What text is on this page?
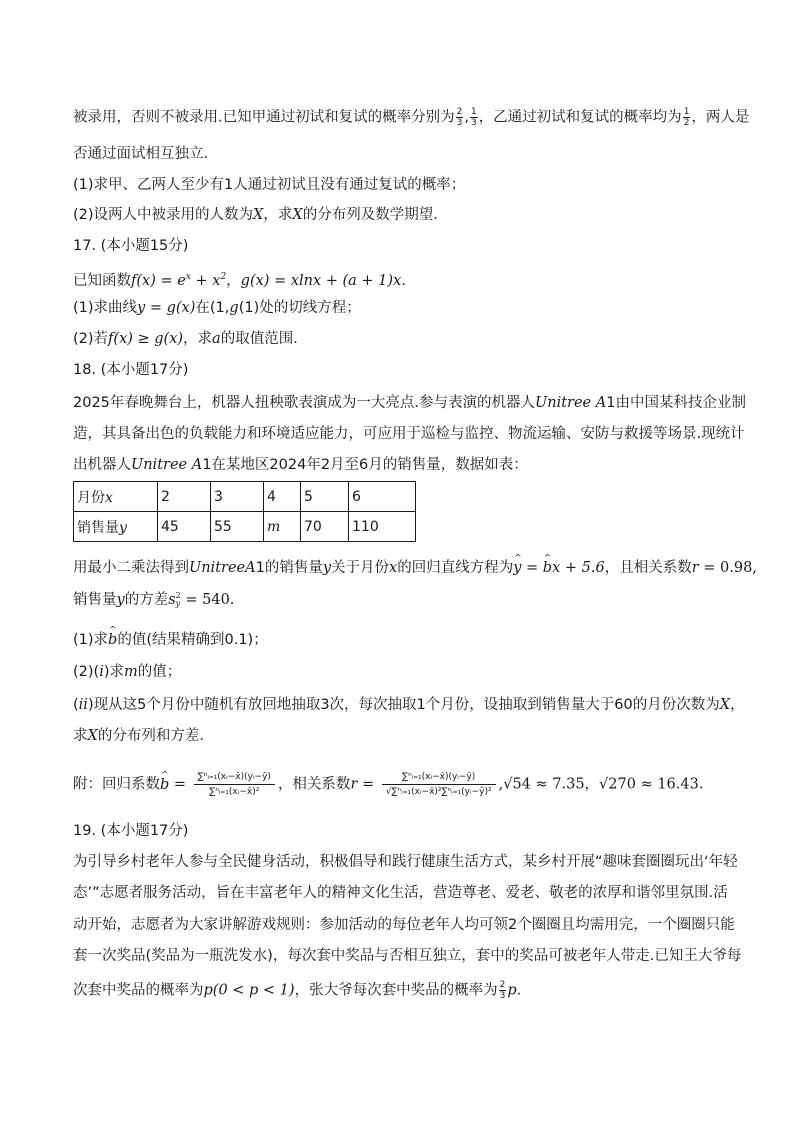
被录用，否则不被录用.已知甲通过初试和复试的概率分别为 $\frac{2}{3}$ , $\frac{1}{3}$ ，乙通过初试和复试的概率均为 $\frac{1}{2}$ ，两人是
否通过面试相互独立．
(1)求甲、乙两人至少有1人通过初试且没有通过复试的概率；
(2)设两人中被录用的人数为X，求X的分布列及数学期望．
17. (本小题15分)
已知函数$f(x) = e^x + x^2$，g(x) = xlnx + (a + 1)x.
(1)求曲线y = g(x)在(1,g(1)处的切线方程；
(2)若f(x) ≥ g(x)，求a的取值范围．
18. (本小题17分)
2025年春晚舞台上，机器人扭秧歌表演成为一大亮点.参与表演的机器人Unitree A1由中国某科技企业制
造，其具备出色的负载能力和环境适应能力，可应用于巡检与监控、物流运输、安防与救援等场景.现统计
出机器人Unitree A1在某地区2024年2月至6月的销售量，数据如表：
月份x	2	3	4	5	6
销售量y	45	55	m	70	110
用最小二乘法得到UnitreeA1的销售量y关于月份x的回归直线方程为^ y = ^ bx + 5.6，且相关系数r = 0.98,
销售量y的方差s 2
y = 540.
(1)求^ b的值(结果精确到0.1)；
(2)(i)求m的值；
(ii)现从这5个月份中随机有放回地抽取3次，每次抽取1个月份，设抽取到销售量大于60的月份次数为X，
求X的分布列和方差．
附：回归系数^ $b = \frac{\text{∑ⁿᵢ₌₁(xᵢ−x̄)(yᵢ−ȳ)}}{\text{∑ⁿᵢ₌₁(xᵢ−x̄)²}}$ ，相关系数$r = \frac{\text{∑ⁿᵢ₌₁(xᵢ−x̄)(yᵢ−ȳ)}}{\text{√∑ⁿᵢ₌₁(xᵢ−x̄)²∑ⁿᵢ₌₁(yᵢ−ȳ)²}} ,√54 \approx 7.35$，√270 ≈ 16.43.
19. (本小题17分)
为引导乡村老年人参与全民健身活动，积极倡导和践行健康生活方式，某乡村开展“趣味套圈圈玩出‘年轻
态’”志愿者服务活动，旨在丰富老年人的精神文化生活，营造尊老、爱老、敬老的浓厚和谐邻里氛围.活
动开始，志愿者为大家讲解游戏规则：参加活动的每位老年人均可领2个圈圈且均需用完，一个圈圈只能
套一次奖品(奖品为一瓶洗发水)，每次套中奖品与否相互独立，套中的奖品可被老年人带走.已知王大爷每
次套中奖品的概率为p(0 < p < 1)，张大爷每次套中奖品的概率为 $\frac{2}{3} p$.
